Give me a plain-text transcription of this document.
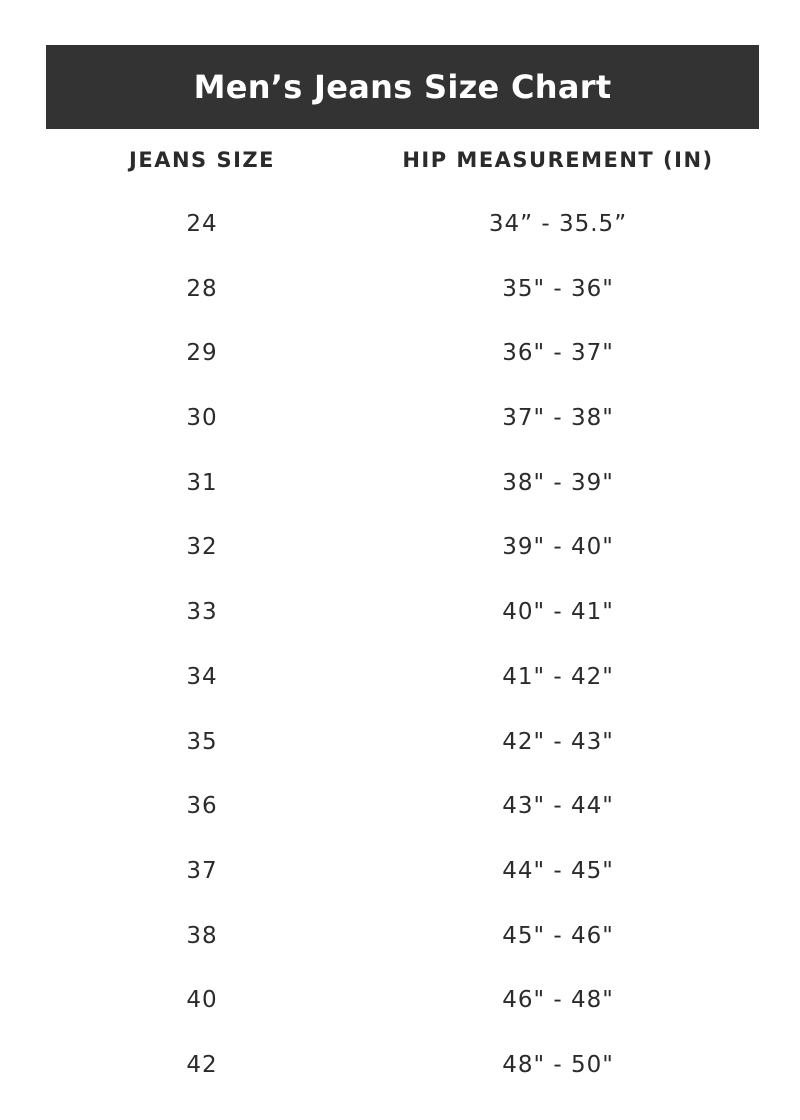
Men’s Jeans Size Chart
JEANS SIZE	HIP MEASUREMENT (IN)
24	34” - 35.5”
28	35" - 36"
29	36" - 37"
30	37" - 38"
31	38" - 39"
32	39" - 40"
33	40" - 41"
34	41" - 42"
35	42" - 43"
36	43" - 44"
37	44" - 45"
38	45" - 46"
40	46" - 48"
42	48" - 50"
